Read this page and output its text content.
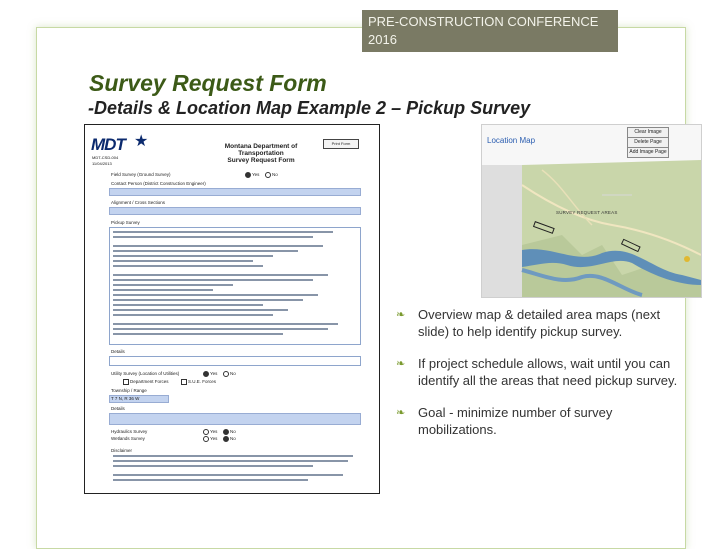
PRE-CONSTRUCTION CONFERENCE
2016
Survey Request Form
-Details & Location Map Example 2 – Pickup Survey
MDT ★
MDT-CSD-004
11/04/2013
Montana Department of Transportation
Survey Request Form
Print Form
Field Survey (Ground Survey)	Yes	No
Contact Person (District Construction Engineer)
Alignment / Cross Sections
Pickup Survey
Details
Utility Survey (Location of Utilities)	Yes	No
Department Forces	S.U.E. Forces
Township / Range
T 7 N, R 36 W
Details
Hydraulics Survey	Yes	No
Wetlands Survey	Yes	No
Disclaimer
Location Map
Clear Image
Delete Page
Add Image Page
SURVEY REQUEST AREAS
❧ Overview map & detailed area maps (next slide) to help identify pickup survey.
❧ If project schedule allows, wait until you can identify all the areas that need pickup survey.
❧ Goal - minimize number of survey mobilizations.
